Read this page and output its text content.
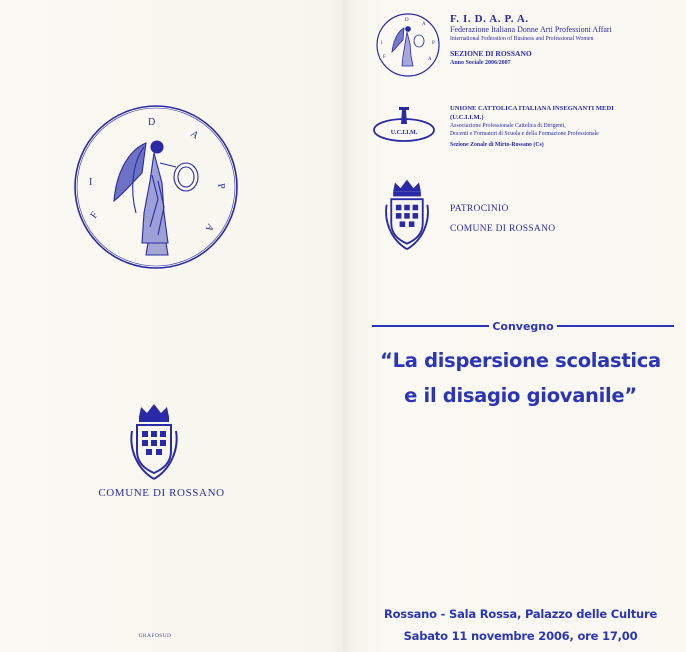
F
I
D
A
P
A
COMUNE DI ROSSANO
GRAFOSUD
F
I
D
A
P
A
F. I. D. A. P. A.
Federazione Italiana Donne Arti Professioni Affari
International Federation of Business and Professional Women
SEZIONE DI ROSSANO
Anno Sociale 2006/2007
U.C.I.I.M.
UNIONE CATTOLICA ITALIANA INSEGNANTI MEDI
(U.C.I.I.M.)
Associazione Professionale Cattolica di Dirigenti,
Docenti e Formatori di Scuola e della Formazione Professionale
Sezione Zonale di Mirto-Rossano (Cs)
PATROCINIO
COMUNE DI ROSSANO
Convegno
“La dispersione scolastica
e il disagio giovanile”
Rossano - Sala Rossa, Palazzo delle Culture
Sabato 11 novembre 2006, ore 17,00
